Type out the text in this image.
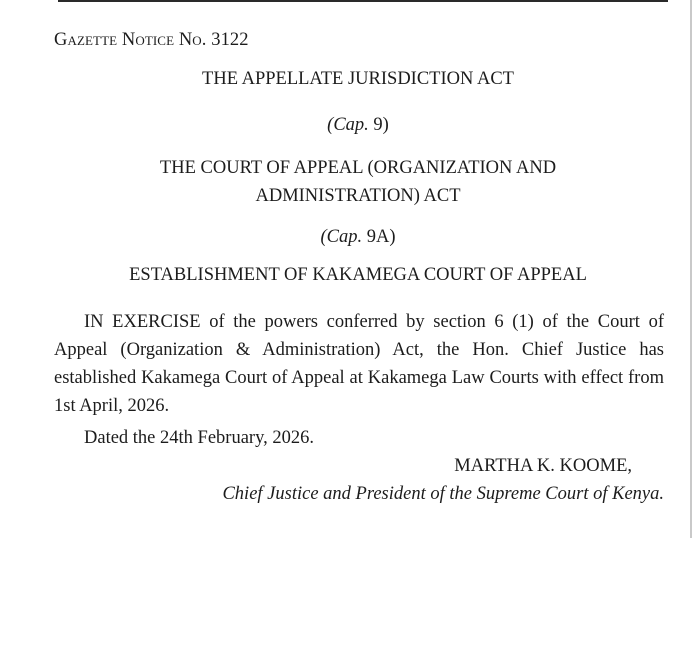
Gazette Notice No. 3122
THE APPELLATE JURISDICTION ACT
(Cap. 9)
THE COURT OF APPEAL (ORGANIZATION AND
ADMINISTRATION) ACT
(Cap. 9A)
ESTABLISHMENT OF KAKAMEGA COURT OF APPEAL
IN EXERCISE of the powers conferred by section 6 (1) of the Court of Appeal (Organization & Administration) Act, the Hon. Chief Justice has established Kakamega Court of Appeal at Kakamega Law Courts with effect from 1st April, 2026.
Dated the 24th February, 2026.
MARTHA K. KOOME,
Chief Justice and President of the Supreme Court of Kenya.
